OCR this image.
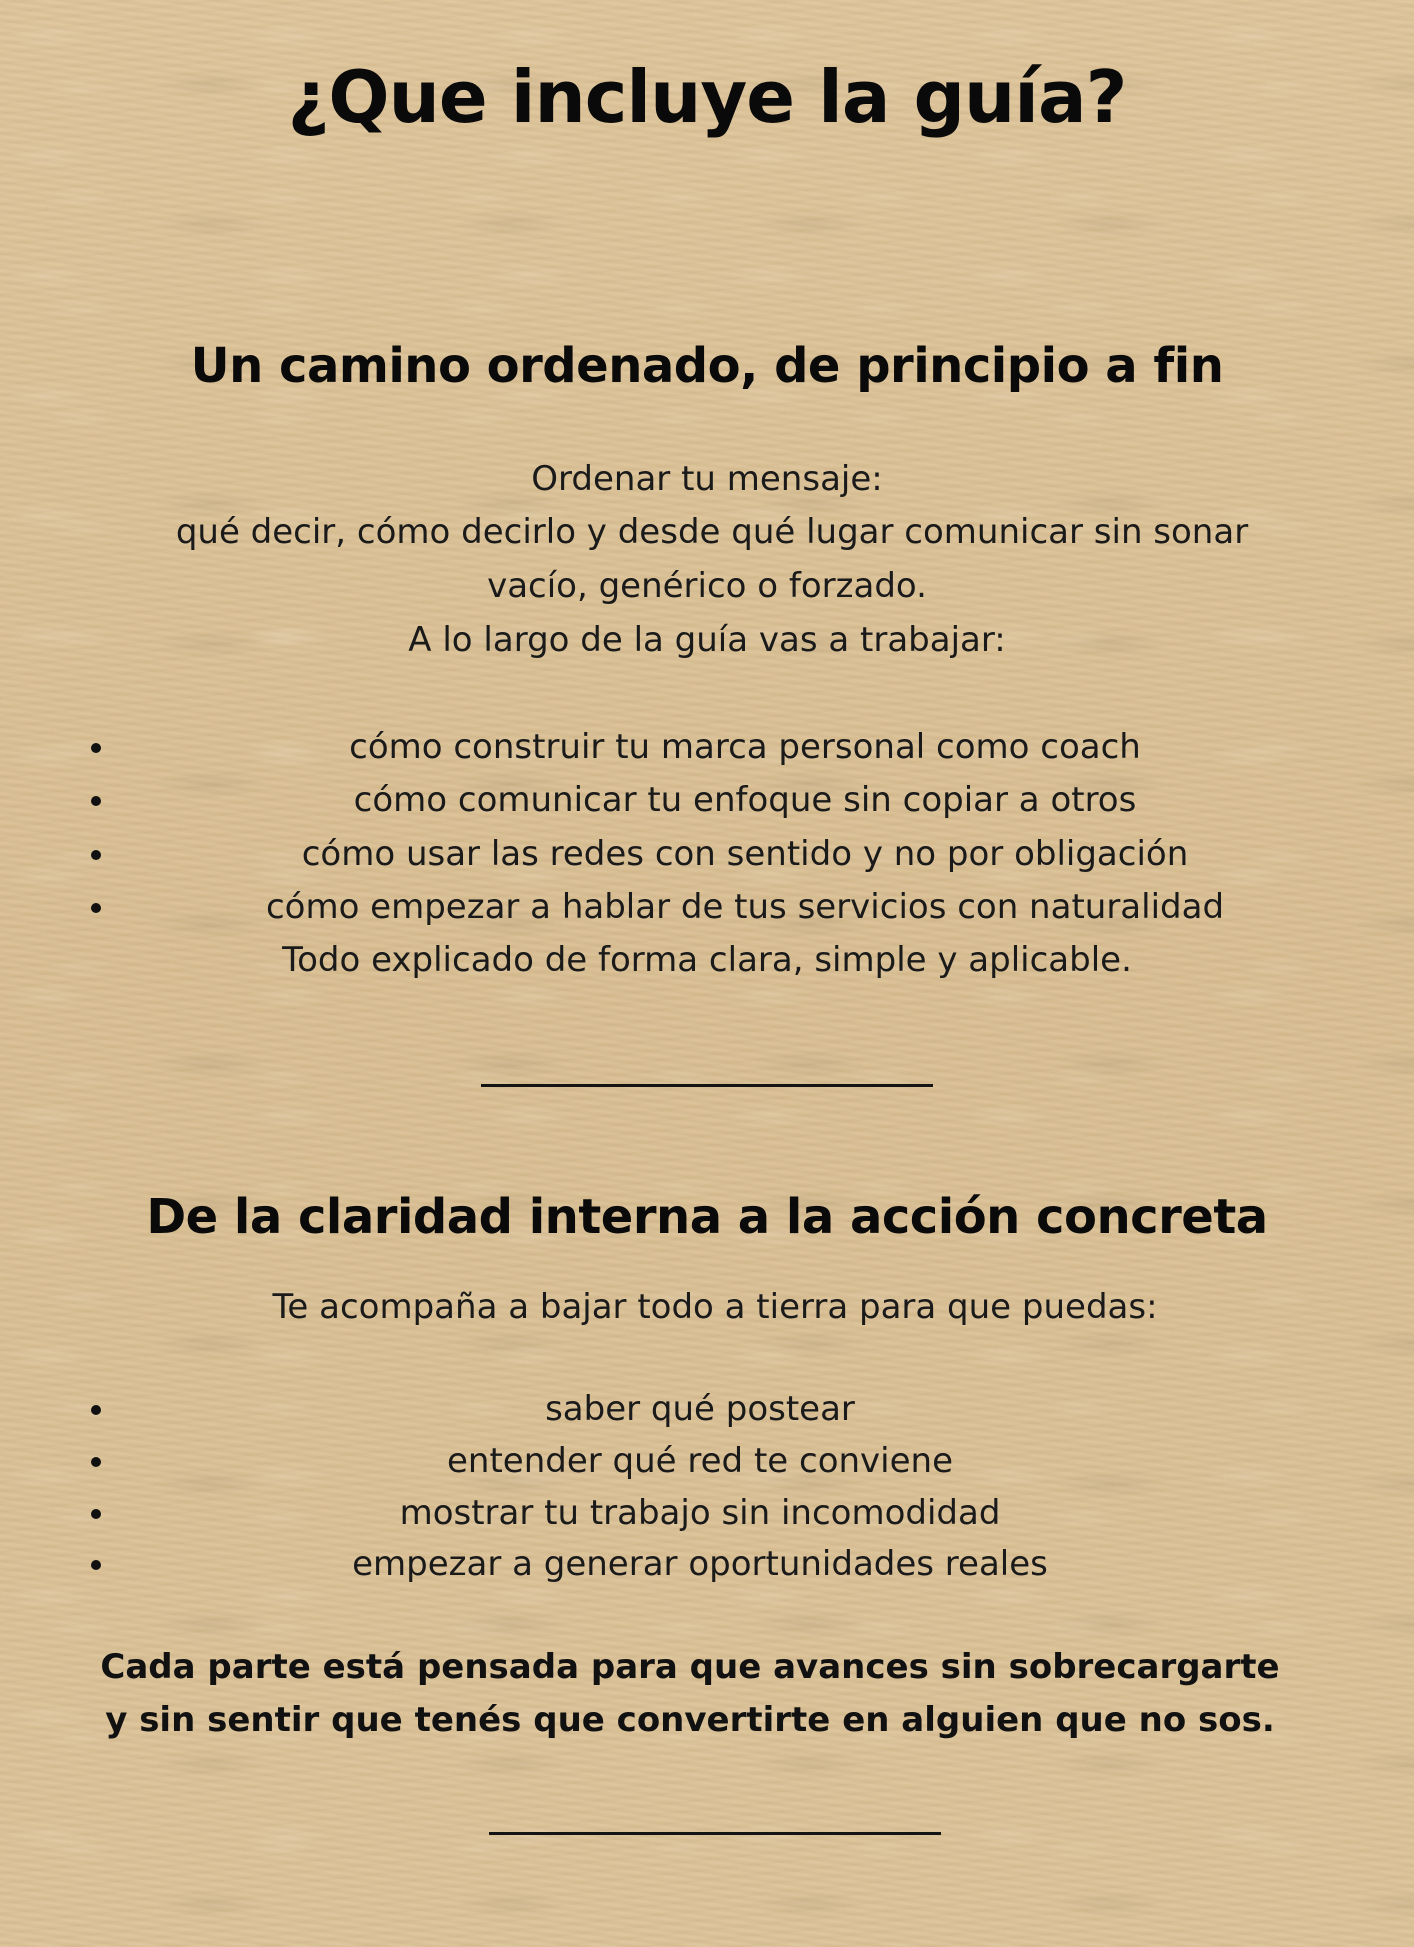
¿Que incluye la guía?
Un camino ordenado, de principio a fin

Ordenar tu mensaje:

qué decir, cómo decirlo y desde qué lugar comunicar sin sonar

vacío, genérico o forzado.

A lo largo de la guía vas a trabajar:

cómo construir tu marca personal como coach

cómo comunicar tu enfoque sin copiar a otros

cómo usar las redes con sentido y no por obligación

cómo empezar a hablar de tus servicios con naturalidad

Todo explicado de forma clara, simple y aplicable.

De la claridad interna a la acción concreta

Te acompaña a bajar todo a tierra para que puedas:

saber qué postear

entender qué red te conviene

mostrar tu trabajo sin incomodidad

empezar a generar oportunidades reales

Cada parte está pensada para que avances sin sobrecargarte

y sin sentir que tenés que convertirte en alguien que no sos.
